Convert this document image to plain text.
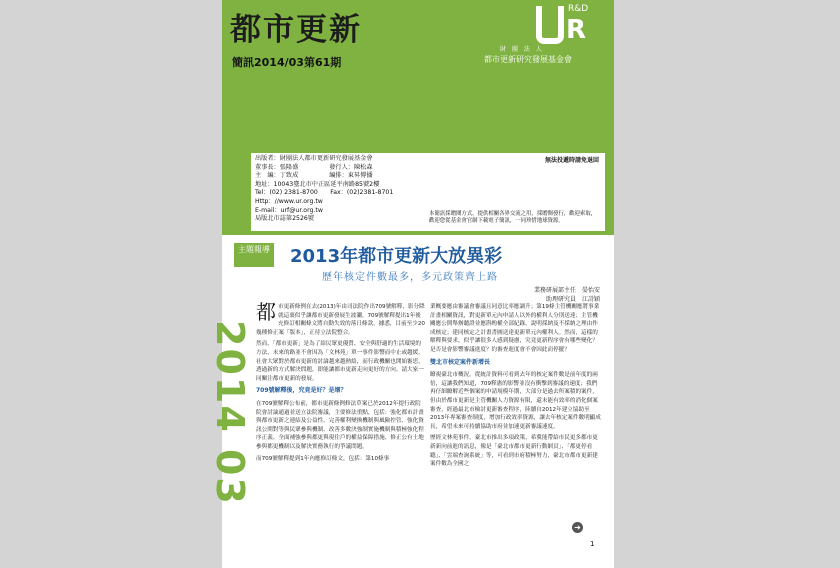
都市更新
簡訊2014/03第61期
R&D
R
財 團 法 人
都市更新研究發展基金會
出版者：財團法人都市更新研究發展基金會
董事長：張隆盛　　　　　發行人：陳松森
主　編：丁致成　　　　　編排：東昇傳播
地址：10043臺北市中正區延平南路85號2樓
Tel：(02) 2381-8700　　Fax：(02)2381-8701
Http：//www.ur.org.tw
E-mail：urf@ur.org.tw
局版北市誌第2526號
無法投遞時請免退回
本簡訊採贈閱方式，提供相關各界交流之用，採贈閱發行，歡迎索取，歡迎您從基金會官網下載電子簡訊，一同珍惜地球資源。
2014 03
主題報導 2013年都市更新大放異彩
歷年核定件數最多，多元政策齊上路
業務研展部主任　晏怡安
助理研究員　江詩穎

都市更新條例在去(2013)年由司法院作出709號解釋，影分降就這裏似乎讓都市更新發展生波瀾。709號解釋提出1年後充修訂相關條文將自動失效的落日條款，據悉，目前至少20幾種修正案「版本」，正待立法院整合。

然而，「都市更新」是為了給民眾更優質、安全與舒適的生活環境的方法，未來的路並不會因為「文林苑」單一事件影響而中止或趨緩。社會大眾對於都市更新的討論越來越熱絡，而行政機關也開始審思，透過新的方式解決問題，即能讓都市更新走向更好的方向。請大家一同關注都市更新的發展。

709號解釋後，究竟是好？是壞？

在709號解釋公布前，都市更新條例修法草案已於2012年提行政院院會討論通過並送立法院審議，主要修法重點，包括：強化都市計畫與都市更新之連結及公益性、完善權利變換機制與風險控管、強化資訊公開對等與民眾參與機制、改善多數決強制實施機制與積極強化程序正義、全面補強參與都更與現住戶的權益保障措施、修正公有土地參與都更機制以及解決實務執行的爭議問題。

而709號解釋提到1年內應修訂條文，包括：第10條事

業概要應由審議會審議且同意比率應調升；第19條主管機關應將事業計畫相關資訊，對更新單元內申請人以外的權利人分別送達；主管機關應公開舉辦聽證並應斟酌權全部紀錄，說明採納及不採納之理由作成核定；建同核定之計畫書圖送達更新單元內權利人。然而，這樣的解釋與要求，似乎讓很多人感到疑慮，究竟更新程序會有哪些變化？是否是會影響審議進度？約審查進度會不會因此而停擺？

雙北市核定案件新增長

瞭視臺北市概況，從統計資料可看到去年的核定案件數是前年度的兩倍，這讓我們知道，709釋憲的影響並沒有衝擊到審議的速度；我們再仔細瞭解近些個案的申請規模年期，大部分是過去所案積的案件，但由於都市更新是主管機關人力資源有限，還未能有效率的消化個案審查，經過最北市檢討更新審查程序，陸續自2012年建立協助至2013年專案審查制度，增加行政效率資源，讓去年核定案件數明顯成長，希望未來可持續協助市府並加速更新審議速度。

歷經文林苑事件，臺北市推出多項政策，希冀能帶給市民更多都市更新新向前進的訊息，像是「臺北市都市更新行動網頁」、「都更停看聽」、「雲端查詢系統」等，可看到市府積極努力，臺北市都市更新建案件數為全國之

➜
1
